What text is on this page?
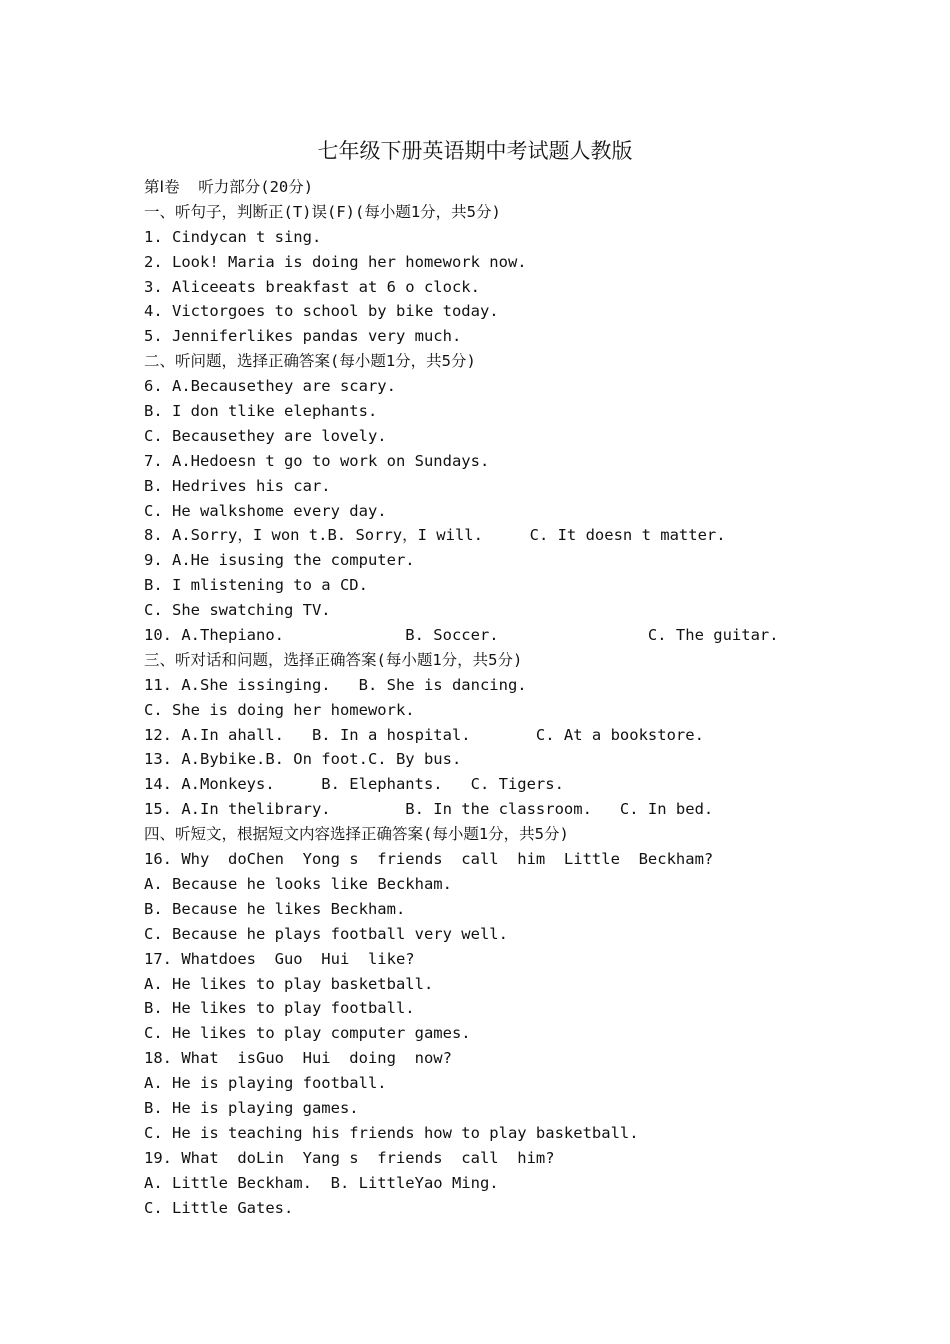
七年级下册英语期中考试题人教版
第Ⅰ卷  听力部分(20分)
一、听句子，判断正(T)误(F)(每小题1分，共5分)
1. Cindycan t sing.
2. Look! Maria is doing her homework now.
3. Aliceeats breakfast at 6 o clock.
4. Victorgoes to school by bike today.
5. Jenniferlikes pandas very much.
二、听问题，选择正确答案(每小题1分，共5分)
6. A.Becausethey are scary.
B. I don tlike elephants.
C. Becausethey are lovely.
7. A.Hedoesn t go to work on Sundays.
B. Hedrives his car.
C. He walkshome every day.
8. A.Sorry，I won t.B. Sorry，I will.     C. It doesn t matter.
9. A.He isusing the computer.
B. I mlistening to a CD.
C. She swatching TV.
10. A.Thepiano.             B. Soccer.                C. The guitar.
三、听对话和问题，选择正确答案(每小题1分，共5分)
11. A.She issinging.   B. She is dancing.
C. She is doing her homework.
12. A.In ahall.   B. In a hospital.       C. At a bookstore.
13. A.Bybike.B. On foot.C. By bus.
14. A.Monkeys.     B. Elephants.   C. Tigers.
15. A.In thelibrary.        B. In the classroom.   C. In bed.
四、听短文，根据短文内容选择正确答案(每小题1分，共5分)
16. Why  doChen  Yong s  friends  call  him  Little  Beckham?
A. Because he looks like Beckham.
B. Because he likes Beckham.
C. Because he plays football very well.
17. Whatdoes  Guo  Hui  like?
A. He likes to play basketball.
B. He likes to play football.
C. He likes to play computer games.
18. What  isGuo  Hui  doing  now?
A. He is playing football.
B. He is playing games.
C. He is teaching his friends how to play basketball.
19. What  doLin  Yang s  friends  call  him?
A. Little Beckham.  B. LittleYao Ming.
C. Little Gates.
